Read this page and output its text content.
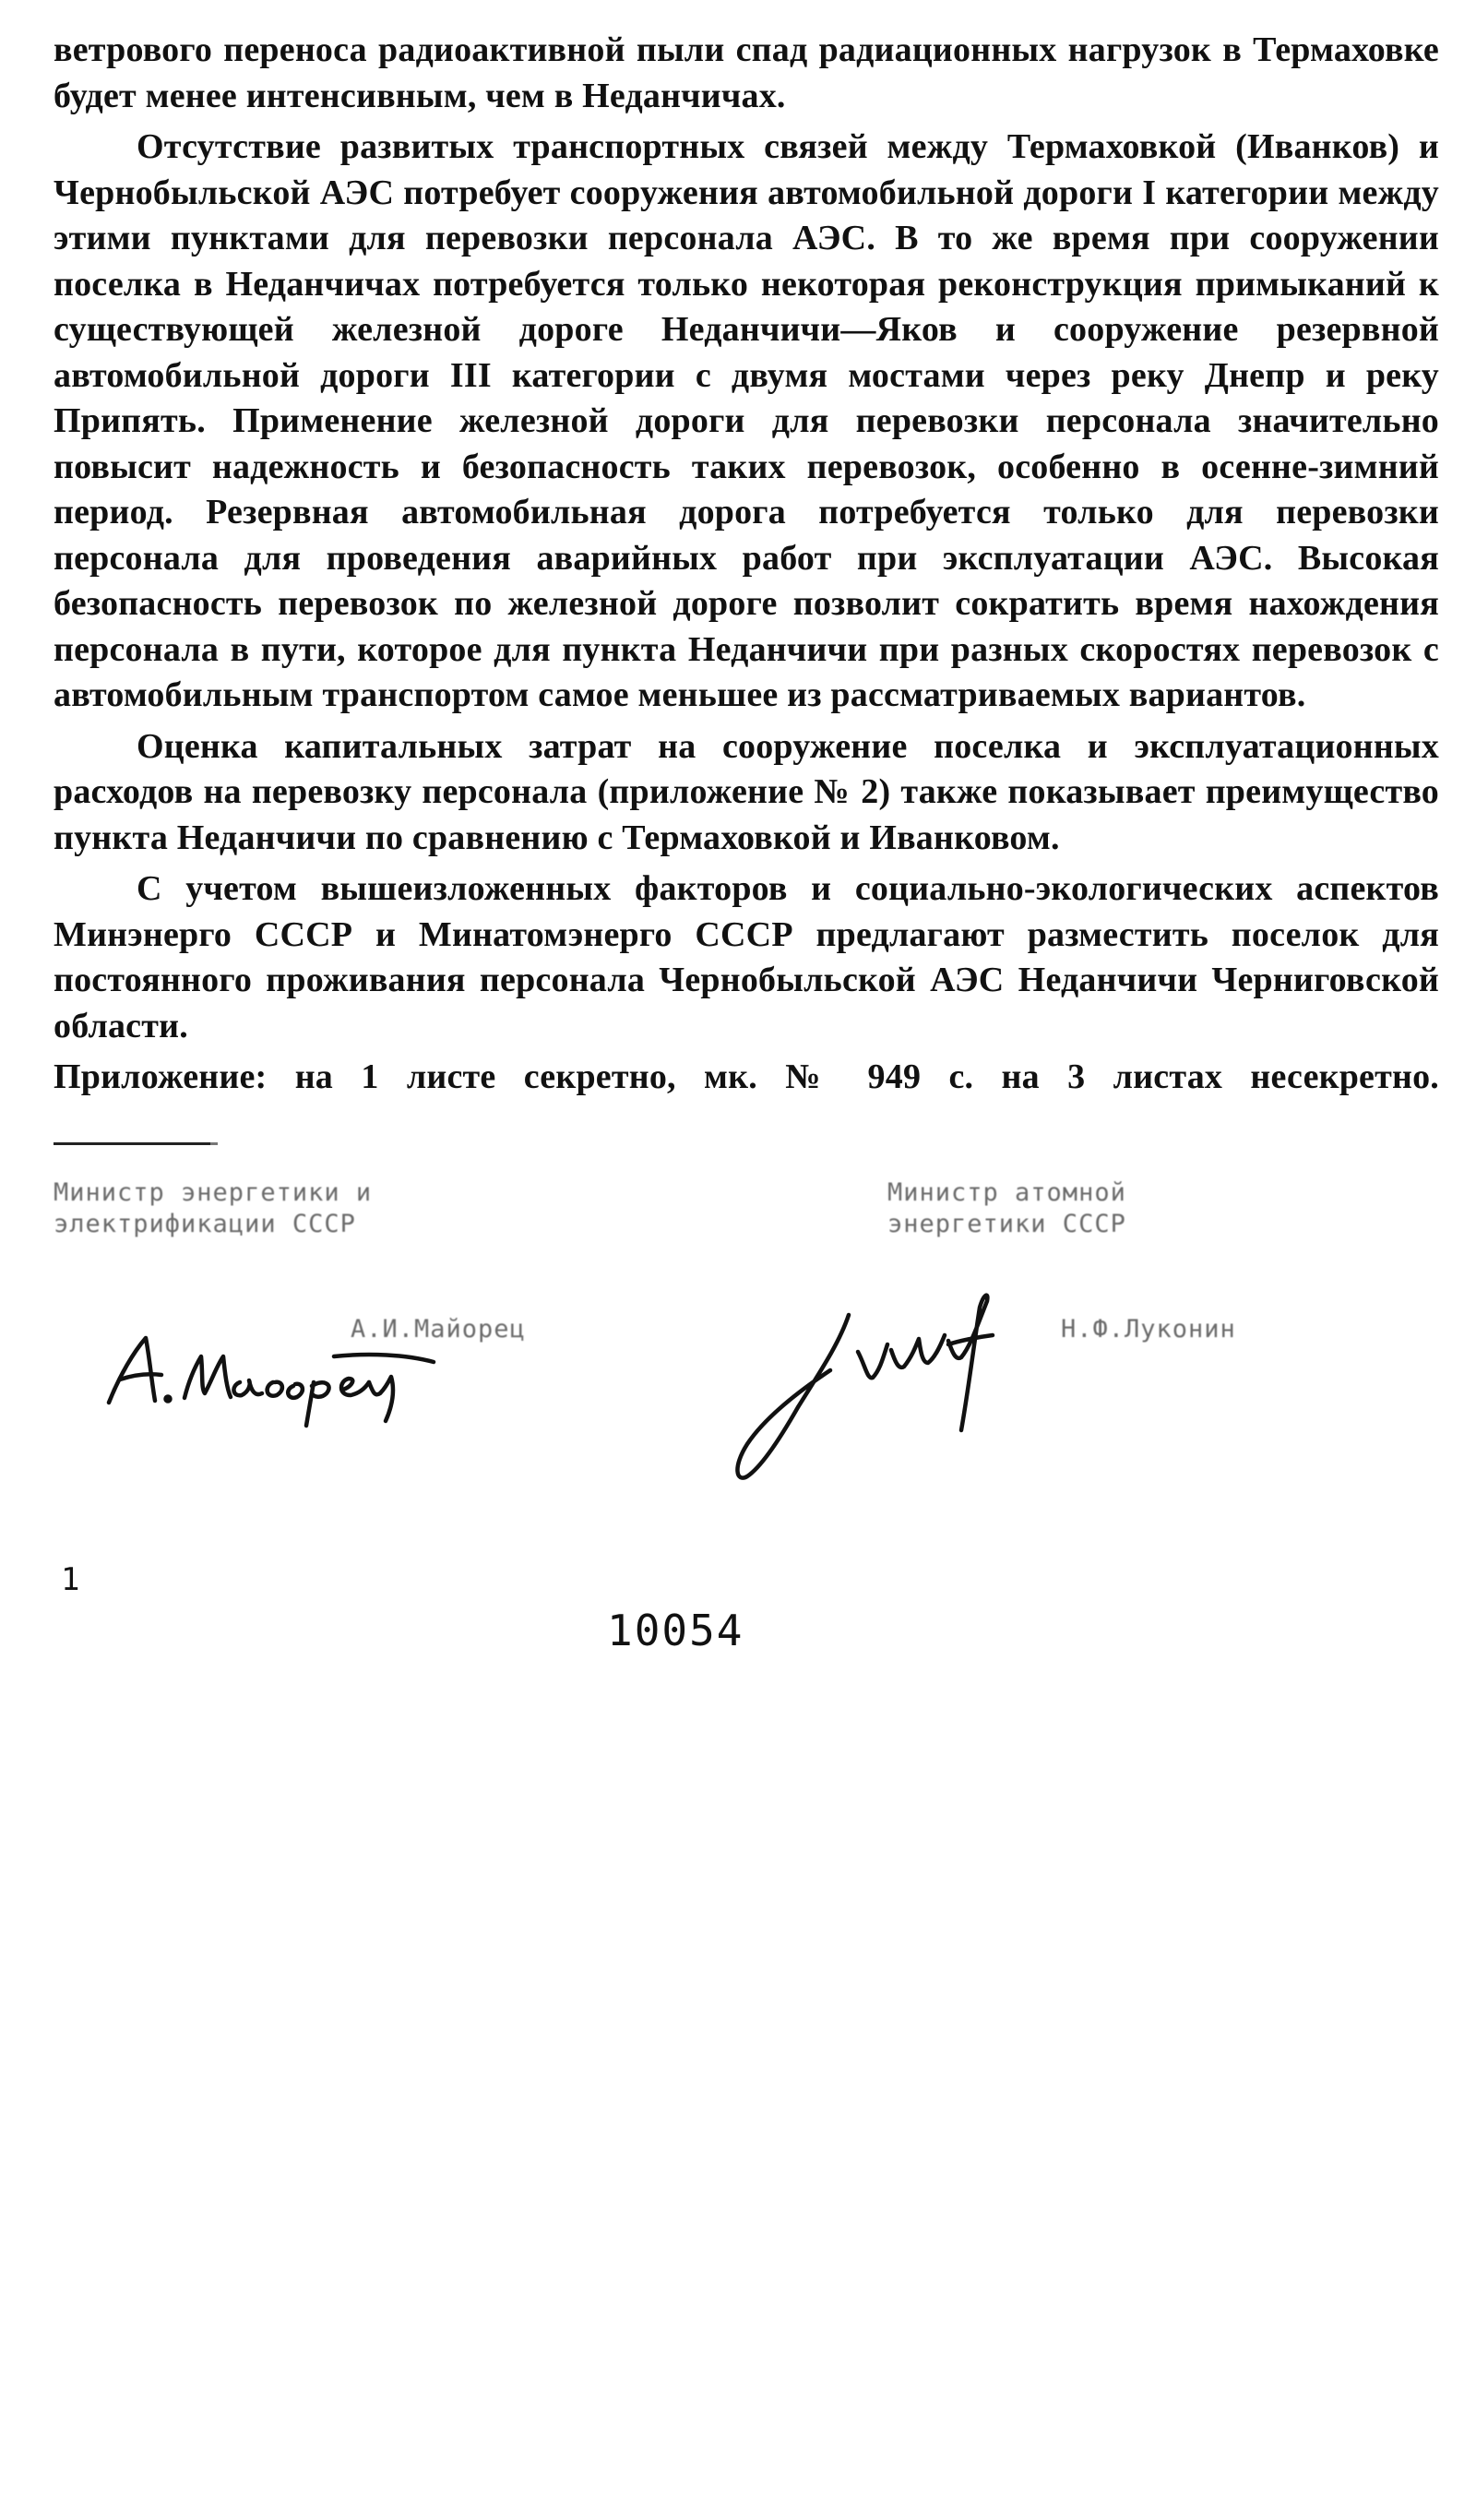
ветрового переноса радиоактивной пыли спад радиационных нагрузок в Термаховке будет менее интенсивным, чем в Неданчичах.

Отсутствие развитых транспортных связей между Термаховкой (Иванков) и Чернобыльской АЭС потребует сооружения автомобильной дороги I категории между этими пунктами для перевозки персонала АЭС. В то же время при сооружении поселка в Неданчичах потребуется только некоторая реконструкция примыканий к существующей железной дороге Неданчичи—Яков и сооружение резервной автомобильной дороги III категории с двумя мостами через реку Днепр и реку Припять. Применение железной дороги для перевозки персонала значительно повысит надежность и безопасность таких перевозок, особенно в осенне-зимний период. Резервная автомобильная дорога потребуется только для перевозки персонала для проведения аварийных работ при эксплуатации АЭС. Высокая безопасность перевозок по железной дороге позволит сократить время нахождения персонала в пути, которое для пункта Неданчичи при разных скоростях перевозок с автомобильным транспортом самое меньшее из рассматриваемых вариантов.

Оценка капитальных затрат на сооружение поселка и эксплуатационных расходов на перевозку персонала (приложение № 2) также показывает преимущество пункта Неданчичи по сравнению с Термаховкой и Иванковом.

С учетом вышеизложенных факторов и социально-экологических аспектов Минэнерго СССР и Минатомэнерго СССР предлагают разместить поселок для постоянного проживания персонала Чернобыльской АЭС Неданчичи Черниговской области.

Приложение: на 1 листе секретно, мк. № 949 с. на 3 листах несекретно.

Министр энергетики и
электрификации СССР
Министр атомной
энергетики СССР
А.И.Майорец	Н.Ф.Луконин
1
10054
